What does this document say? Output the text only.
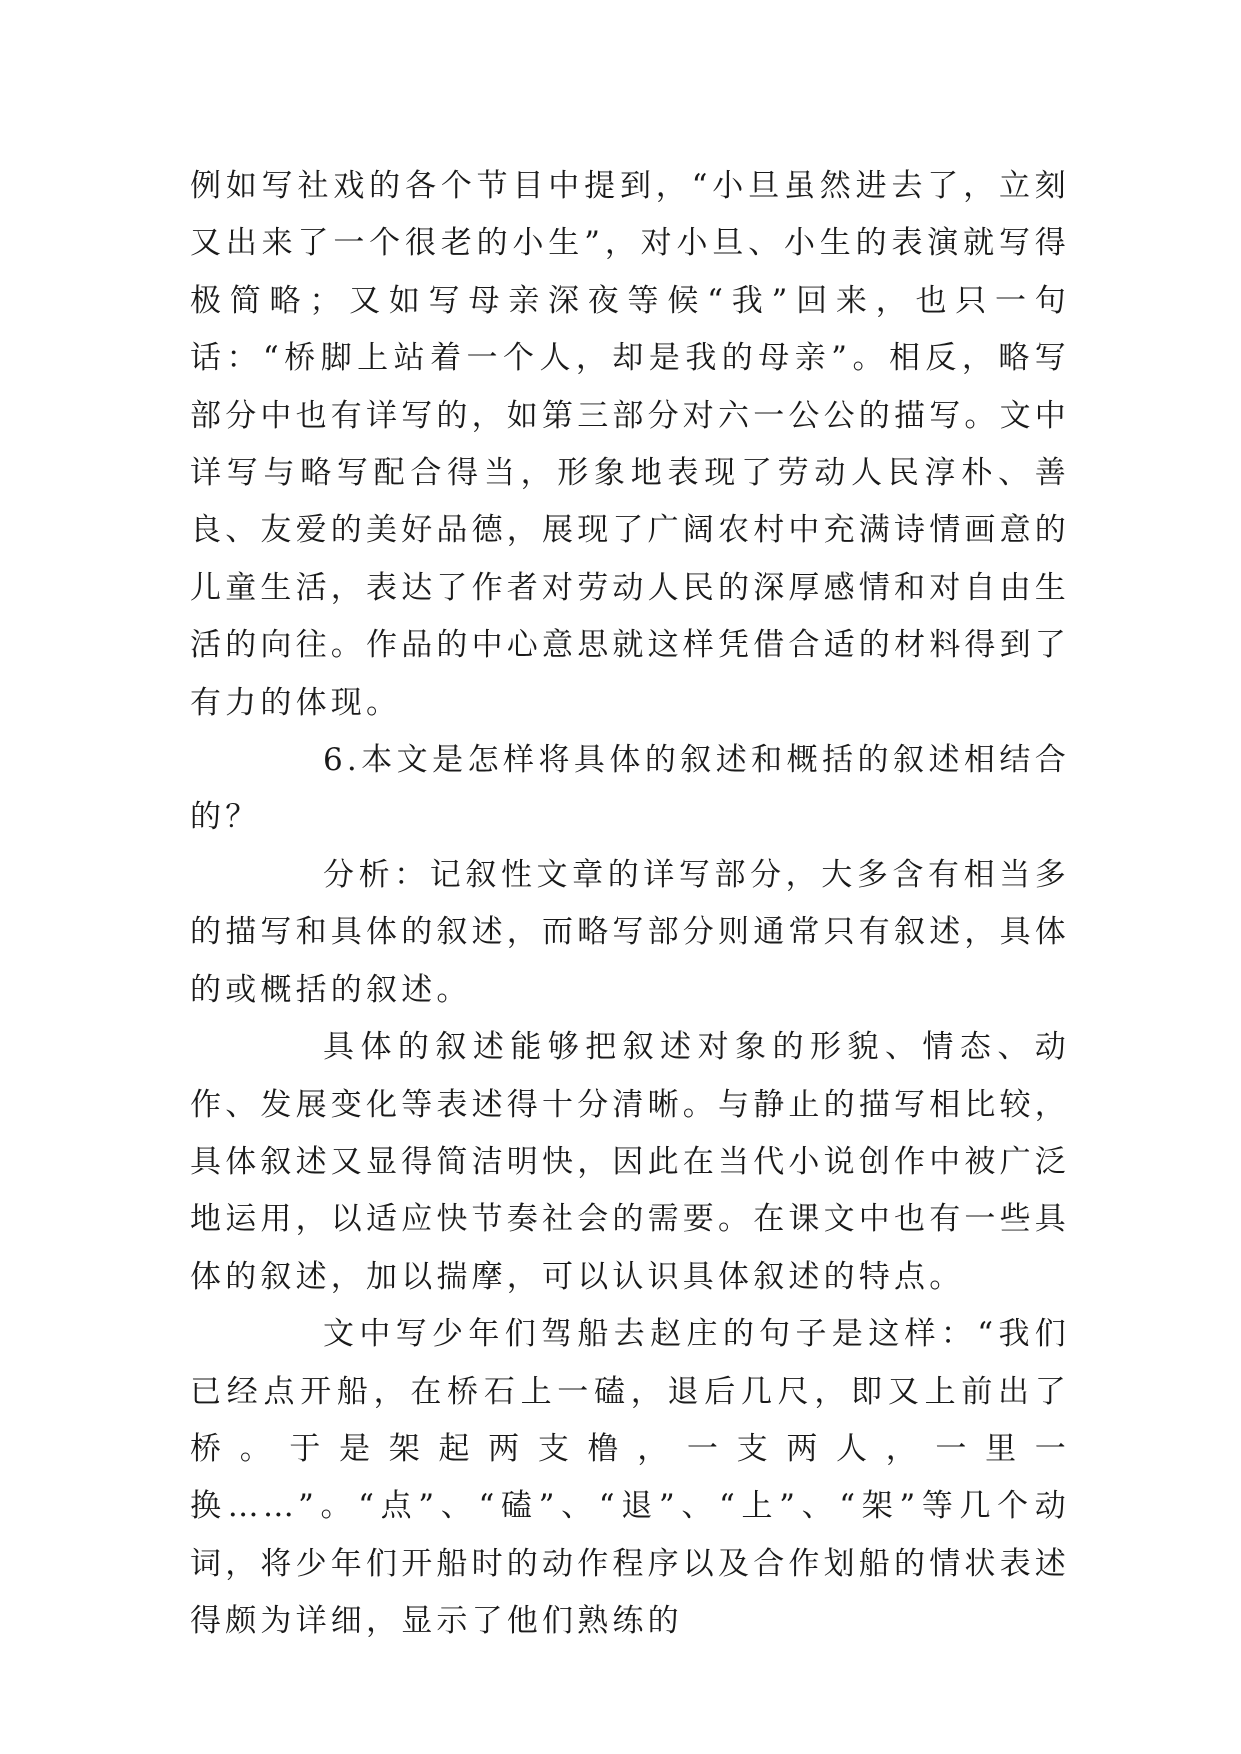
例如写社戏的各个节目中提到，“小旦虽然进去了，立刻又出来了一个很老的小生”，对小旦、小生的表演就写得极简略；又如写母亲深夜等候“我”回来，也只一句话：“桥脚上站着一个人，却是我的母亲”。相反，略写部分中也有详写的，如第三部分对六一公公的描写。文中详写与略写配合得当，形象地表现了劳动人民淳朴、善良、友爱的美好品德，展现了广阔农村中充满诗情画意的儿童生活，表达了作者对劳动人民的深厚感情和对自由生活的向往。作品的中心意思就这样凭借合适的材料得到了有力的体现。

6.本文是怎样将具体的叙述和概括的叙述相结合的？

分析：记叙性文章的详写部分，大多含有相当多的描写和具体的叙述，而略写部分则通常只有叙述，具体的或概括的叙述。

具体的叙述能够把叙述对象的形貌、情态、动作、发展变化等表述得十分清晰。与静止的描写相比较，具体叙述又显得简洁明快，因此在当代小说创作中被广泛地运用，以适应快节奏社会的需要。在课文中也有一些具体的叙述，加以揣摩，可以认识具体叙述的特点。

文中写少年们驾船去赵庄的句子是这样：“我们已经点开船，在桥石上一磕，退后几尺，即又上前出了桥。于是架起两支橹，一支两人，一里一换……”。“点”、“磕”、“退”、“上”、“架”等几个动词，将少年们开船时的动作程序以及合作划船的情状表述得颇为详细，显示了他们熟练的
